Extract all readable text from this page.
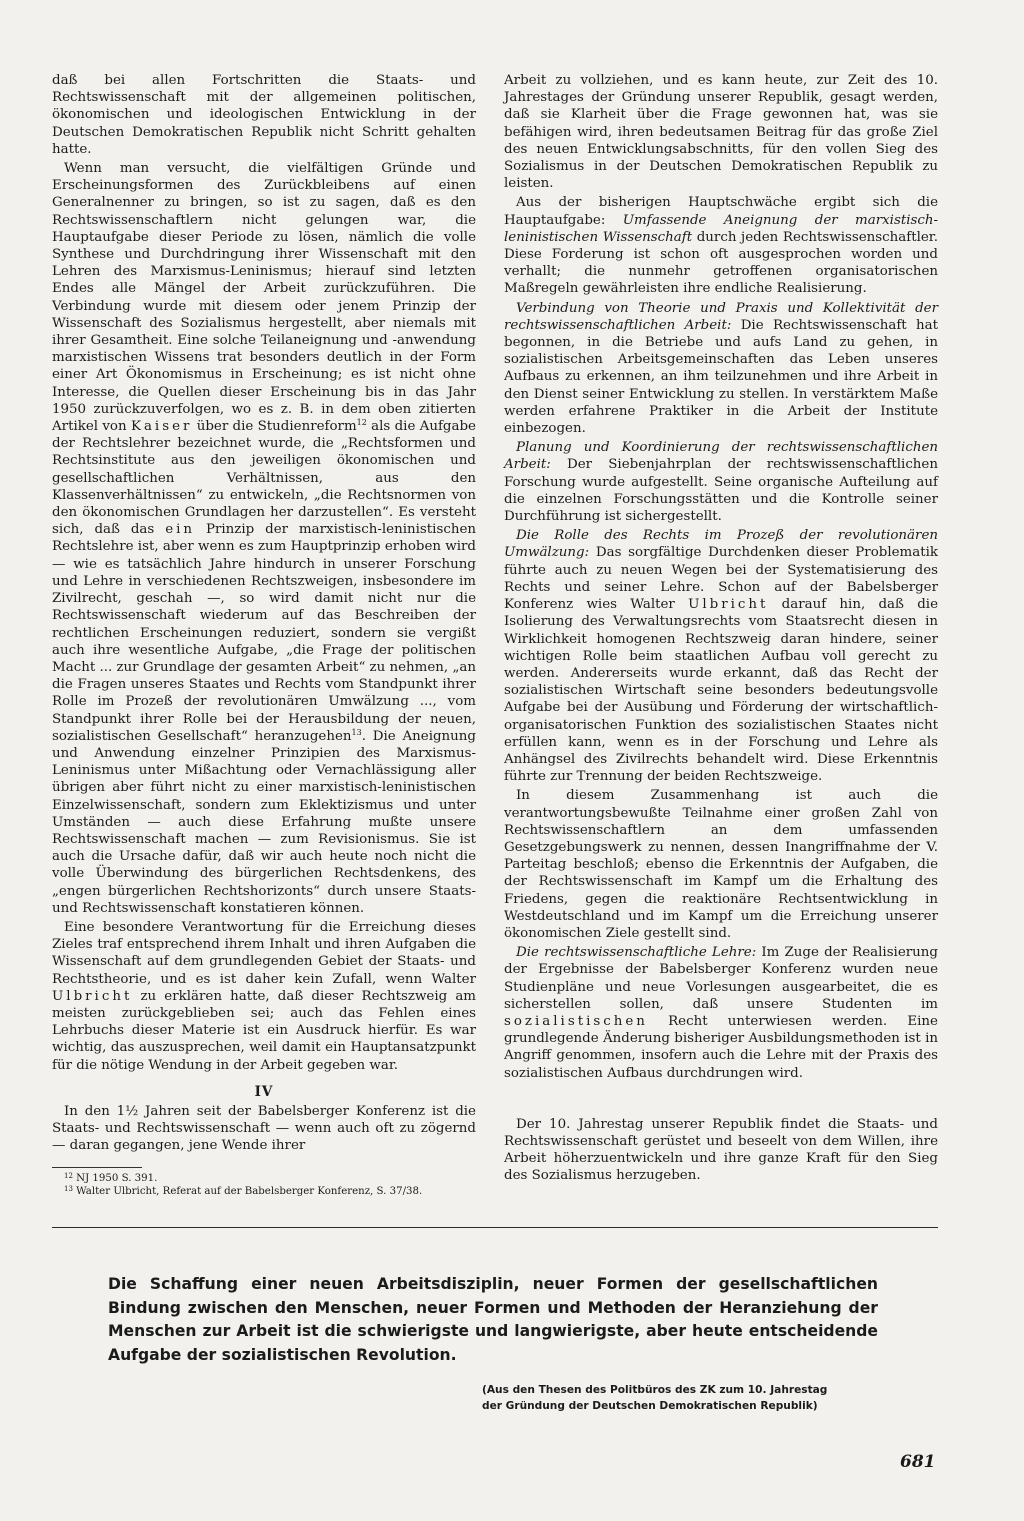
daß bei allen Fortschritten die Staats- und Rechtswissenschaft mit der allgemeinen politischen, ökonomischen und ideologischen Entwicklung in der Deutschen Demokratischen Republik nicht Schritt gehalten hatte.

Wenn man versucht, die vielfältigen Gründe und Erscheinungsformen des Zurückbleibens auf einen Generalnenner zu bringen, so ist zu sagen, daß es den Rechtswissenschaftlern nicht gelungen war, die Hauptaufgabe dieser Periode zu lösen, nämlich die volle Synthese und Durchdringung ihrer Wissenschaft mit den Lehren des Marxismus-Leninismus; hierauf sind letzten Endes alle Mängel der Arbeit zurückzuführen. Die Verbindung wurde mit diesem oder jenem Prinzip der Wissenschaft des Sozialismus hergestellt, aber niemals mit ihrer Gesamtheit. Eine solche Teilaneignung und -anwendung marxistischen Wissens trat besonders deutlich in der Form einer Art Ökonomismus in Erscheinung; es ist nicht ohne Interesse, die Quellen dieser Erscheinung bis in das Jahr 1950 zurückzuverfolgen, wo es z. B. in dem oben zitierten Artikel von Kaiser über die Studienreform$^{12}$ als die Aufgabe der Rechtslehrer bezeichnet wurde, die „Rechtsformen und Rechtsinstitute aus den jeweiligen ökonomischen und gesellschaftlichen Verhältnissen, aus den Klassenverhältnissen“ zu entwickeln, „die Rechtsnormen von den ökonomischen Grundlagen her darzustellen“. Es versteht sich, daß das ein Prinzip der marxistisch-leninistischen Rechtslehre ist, aber wenn es zum Hauptprinzip erhoben wird — wie es tatsächlich Jahre hindurch in unserer Forschung und Lehre in verschiedenen Rechtszweigen, insbesondere im Zivilrecht, geschah —, so wird damit nicht nur die Rechtswissenschaft wiederum auf das Beschreiben der rechtlichen Erscheinungen reduziert, sondern sie vergißt auch ihre wesentliche Aufgabe, „die Frage der politischen Macht ... zur Grundlage der gesamten Arbeit“ zu nehmen, „an die Fragen unseres Staates und Rechts vom Standpunkt ihrer Rolle im Prozeß der revolutionären Umwälzung ..., vom Standpunkt ihrer Rolle bei der Herausbildung der neuen, sozialistischen Gesellschaft“ heranzugehen$^{13}$. Die Aneignung und Anwendung einzelner Prinzipien des Marxismus-Leninismus unter Mißachtung oder Vernachlässigung aller übrigen aber führt nicht zu einer marxistisch-leninistischen Einzelwissenschaft, sondern zum Eklektizismus und unter Umständen — auch diese Erfahrung mußte unsere Rechtswissenschaft machen — zum Revisionismus. Sie ist auch die Ursache dafür, daß wir auch heute noch nicht die volle Überwindung des bürgerlichen Rechtsdenkens, des „engen bürgerlichen Rechtshorizonts“ durch unsere Staats- und Rechtswissenschaft konstatieren können.

Eine besondere Verantwortung für die Erreichung dieses Zieles traf entsprechend ihrem Inhalt und ihren Aufgaben die Wissenschaft auf dem grundlegenden Gebiet der Staats- und Rechtstheorie, und es ist daher kein Zufall, wenn Walter Ulbricht zu erklären hatte, daß dieser Rechtszweig am meisten zurückgeblieben sei; auch das Fehlen eines Lehrbuchs dieser Materie ist ein Ausdruck hierfür. Es war wichtig, das auszusprechen, weil damit ein Hauptansatzpunkt für die nötige Wendung in der Arbeit gegeben war.

IV

In den 1½ Jahren seit der Babelsberger Konferenz ist die Staats- und Rechtswissenschaft — wenn auch oft zu zögernd — daran gegangen, jene Wende ihrer

$^{12}$ NJ 1950 S. 391.

$^{13}$ Walter Ulbricht, Referat auf der Babelsberger Konferenz, S. 37/38.

Arbeit zu vollziehen, und es kann heute, zur Zeit des 10. Jahrestages der Gründung unserer Republik, gesagt werden, daß sie Klarheit über die Frage gewonnen hat, was sie befähigen wird, ihren bedeutsamen Beitrag für das große Ziel des neuen Entwicklungsabschnitts, für den vollen Sieg des Sozialismus in der Deutschen Demokratischen Republik zu leisten.

Aus der bisherigen Hauptschwäche ergibt sich die Hauptaufgabe: Umfassende Aneignung der marxistisch-leninistischen Wissenschaft durch jeden Rechtswissenschaftler. Diese Forderung ist schon oft ausgesprochen worden und verhallt; die nunmehr getroffenen organisatorischen Maßregeln gewährleisten ihre endliche Realisierung.

Verbindung von Theorie und Praxis und Kollektivität der rechtswissenschaftlichen Arbeit: Die Rechtswissenschaft hat begonnen, in die Betriebe und aufs Land zu gehen, in sozialistischen Arbeitsgemeinschaften das Leben unseres Aufbaus zu erkennen, an ihm teilzunehmen und ihre Arbeit in den Dienst seiner Entwicklung zu stellen. In verstärktem Maße werden erfahrene Praktiker in die Arbeit der Institute einbezogen.

Planung und Koordinierung der rechtswissenschaftlichen Arbeit: Der Siebenjahrplan der rechtswissenschaftlichen Forschung wurde aufgestellt. Seine organische Aufteilung auf die einzelnen Forschungsstätten und die Kontrolle seiner Durchführung ist sichergestellt.

Die Rolle des Rechts im Prozeß der revolutionären Umwälzung: Das sorgfältige Durchdenken dieser Problematik führte auch zu neuen Wegen bei der Systematisierung des Rechts und seiner Lehre. Schon auf der Babelsberger Konferenz wies Walter Ulbricht darauf hin, daß die Isolierung des Verwaltungsrechts vom Staatsrecht diesen in Wirklichkeit homogenen Rechtszweig daran hindere, seiner wichtigen Rolle beim staatlichen Aufbau voll gerecht zu werden. Andererseits wurde erkannt, daß das Recht der sozialistischen Wirtschaft seine besonders bedeutungsvolle Aufgabe bei der Ausübung und Förderung der wirtschaftlich-organisatorischen Funktion des sozialistischen Staates nicht erfüllen kann, wenn es in der Forschung und Lehre als Anhängsel des Zivilrechts behandelt wird. Diese Erkenntnis führte zur Trennung der beiden Rechtszweige.

In diesem Zusammenhang ist auch die verantwortungsbewußte Teilnahme einer großen Zahl von Rechtswissenschaftlern an dem umfassenden Gesetzgebungswerk zu nennen, dessen Inangriffnahme der V. Parteitag beschloß; ebenso die Erkenntnis der Aufgaben, die der Rechtswissenschaft im Kampf um die Erhaltung des Friedens, gegen die reaktionäre Rechtsentwicklung in Westdeutschland und im Kampf um die Erreichung unserer ökonomischen Ziele gestellt sind.

Die rechtswissenschaftliche Lehre: Im Zuge der Realisierung der Ergebnisse der Babelsberger Konferenz wurden neue Studienpläne und neue Vorlesungen ausgearbeitet, die es sicherstellen sollen, daß unsere Studenten im sozialistischen Recht unterwiesen werden. Eine grundlegende Änderung bisheriger Ausbildungsmethoden ist in Angriff genommen, insofern auch die Lehre mit der Praxis des sozialistischen Aufbaus durchdrungen wird.

Der 10. Jahrestag unserer Republik findet die Staats- und Rechtswissenschaft gerüstet und beseelt von dem Willen, ihre Arbeit höherzuentwickeln und ihre ganze Kraft für den Sieg des Sozialismus herzugeben.

Die Schaffung einer neuen Arbeitsdisziplin, neuer Formen der gesellschaftlichen Bindung zwischen den Menschen, neuer Formen und Methoden der Heranziehung der Menschen zur Arbeit ist die schwierigste und langwierigste, aber heute entscheidende Aufgabe der sozialistischen Revolution.
(Aus den Thesen des Politbüros des ZK zum 10. Jahrestag
der Gründung der Deutschen Demokratischen Republik)
681
